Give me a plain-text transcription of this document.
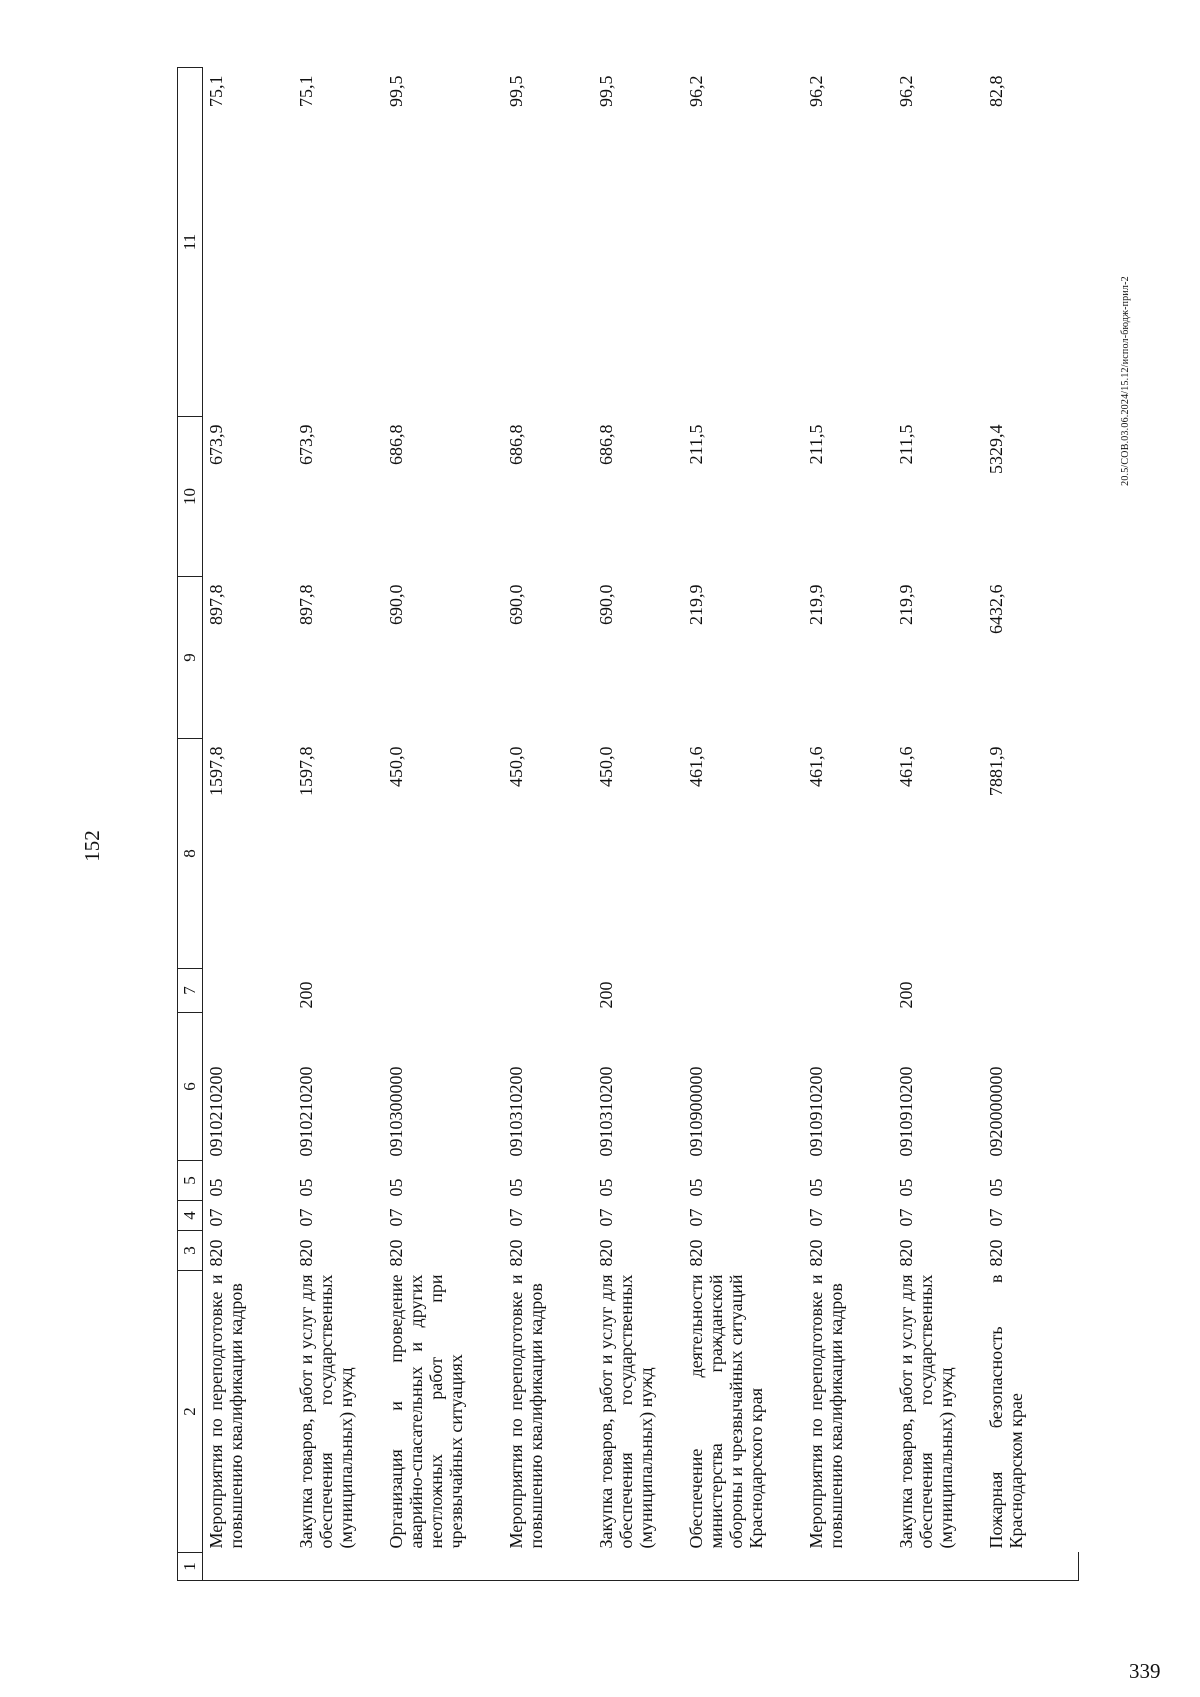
152
1	2	3	4	5	6	7	8	9	10	11
	Мероприятия по переподготовке и повышению квалификации кадров	820	07	05	0910210200		1597,8	897,8	673,9	75,1
	Закупка товаров, работ и услуг для обеспечения государственных (муниципальных) нужд	820	07	05	0910210200	200	1597,8	897,8	673,9	75,1
	Организация и проведение аварийно-спасательных и других неотложных работ при чрезвычайных ситуациях	820	07	05	0910300000		450,0	690,0	686,8	99,5
	Мероприятия по переподготовке и повышению квалификации кадров	820	07	05	0910310200		450,0	690,0	686,8	99,5
	Закупка товаров, работ и услуг для обеспечения государственных (муниципальных) нужд	820	07	05	0910310200	200	450,0	690,0	686,8	99,5
	Обеспечение деятельности министерства гражданской обороны и чрезвычайных ситуаций Краснодарского края	820	07	05	0910900000		461,6	219,9	211,5	96,2
	Мероприятия по переподготовке и повышению квалификации кадров	820	07	05	0910910200		461,6	219,9	211,5	96,2
	Закупка товаров, работ и услуг для обеспечения государственных (муниципальных) нужд	820	07	05	0910910200	200	461,6	219,9	211,5	96,2
	Пожарная безопасность в Краснодарском крае	820	07	05	0920000000		7881,9	6432,6	5329,4	82,8
20.5/СОВ.03.06.2024/15.12/испол-бюдж-прил-2
339
